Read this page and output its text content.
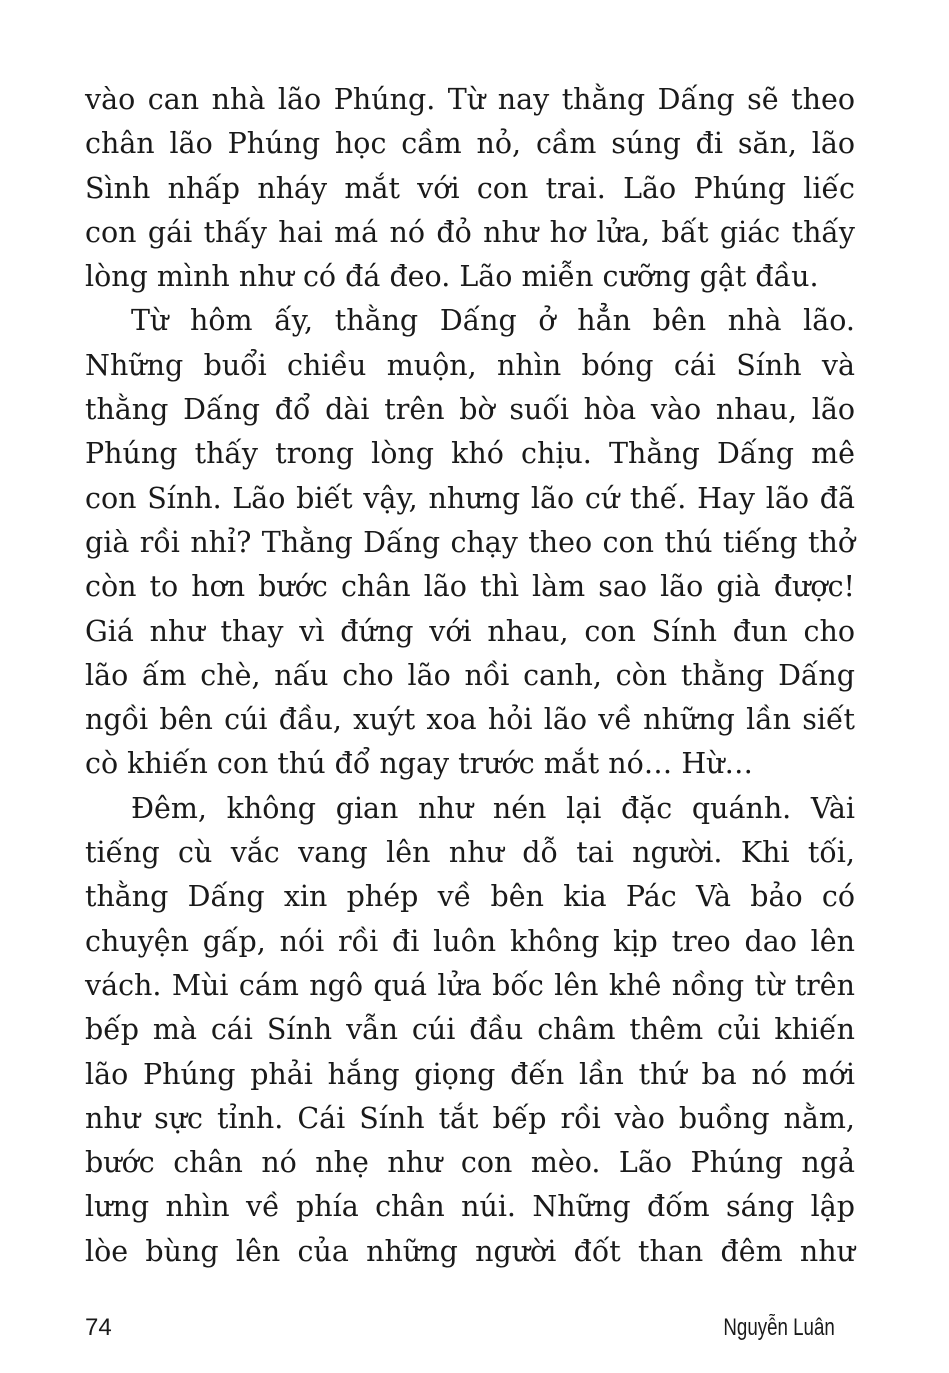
vào can nhà lão Phúng. Từ nay thằng Dấng sẽ theo
chân lão Phúng học cầm nỏ, cầm súng đi săn, lão
Sình nhấp nháy mắt với con trai. Lão Phúng liếc
con gái thấy hai má nó đỏ như hơ lửa, bất giác thấy
lòng mình như có đá đeo. Lão miễn cưỡng gật đầu.
Từ hôm ấy, thằng Dấng ở hẳn bên nhà lão.
Những buổi chiều muộn, nhìn bóng cái Sính và
thằng Dấng đổ dài trên bờ suối hòa vào nhau, lão
Phúng thấy trong lòng khó chịu. Thằng Dấng mê
con Sính. Lão biết vậy, nhưng lão cứ thế. Hay lão đã
già rồi nhỉ? Thằng Dấng chạy theo con thú tiếng thở
còn to hơn bước chân lão thì làm sao lão già được!
Giá như thay vì đứng với nhau, con Sính đun cho
lão ấm chè, nấu cho lão nồi canh, còn thằng Dấng
ngồi bên cúi đầu, xuýt xoa hỏi lão về những lần siết
cò khiến con thú đổ ngay trước mắt nó… Hừ…
Đêm, không gian như nén lại đặc quánh. Vài
tiếng cù vắc vang lên như dỗ tai người. Khi tối,
thằng Dấng xin phép về bên kia Pác Và bảo có
chuyện gấp, nói rồi đi luôn không kịp treo dao lên
vách. Mùi cám ngô quá lửa bốc lên khê nồng từ trên
bếp mà cái Sính vẫn cúi đầu châm thêm củi khiến
lão Phúng phải hắng giọng đến lần thứ ba nó mới
như sực tỉnh. Cái Sính tắt bếp rồi vào buồng nằm,
bước chân nó nhẹ như con mèo. Lão Phúng ngả
lưng nhìn về phía chân núi. Những đốm sáng lập
lòe bùng lên của những người đốt than đêm như
74	Nguyễn Luân
